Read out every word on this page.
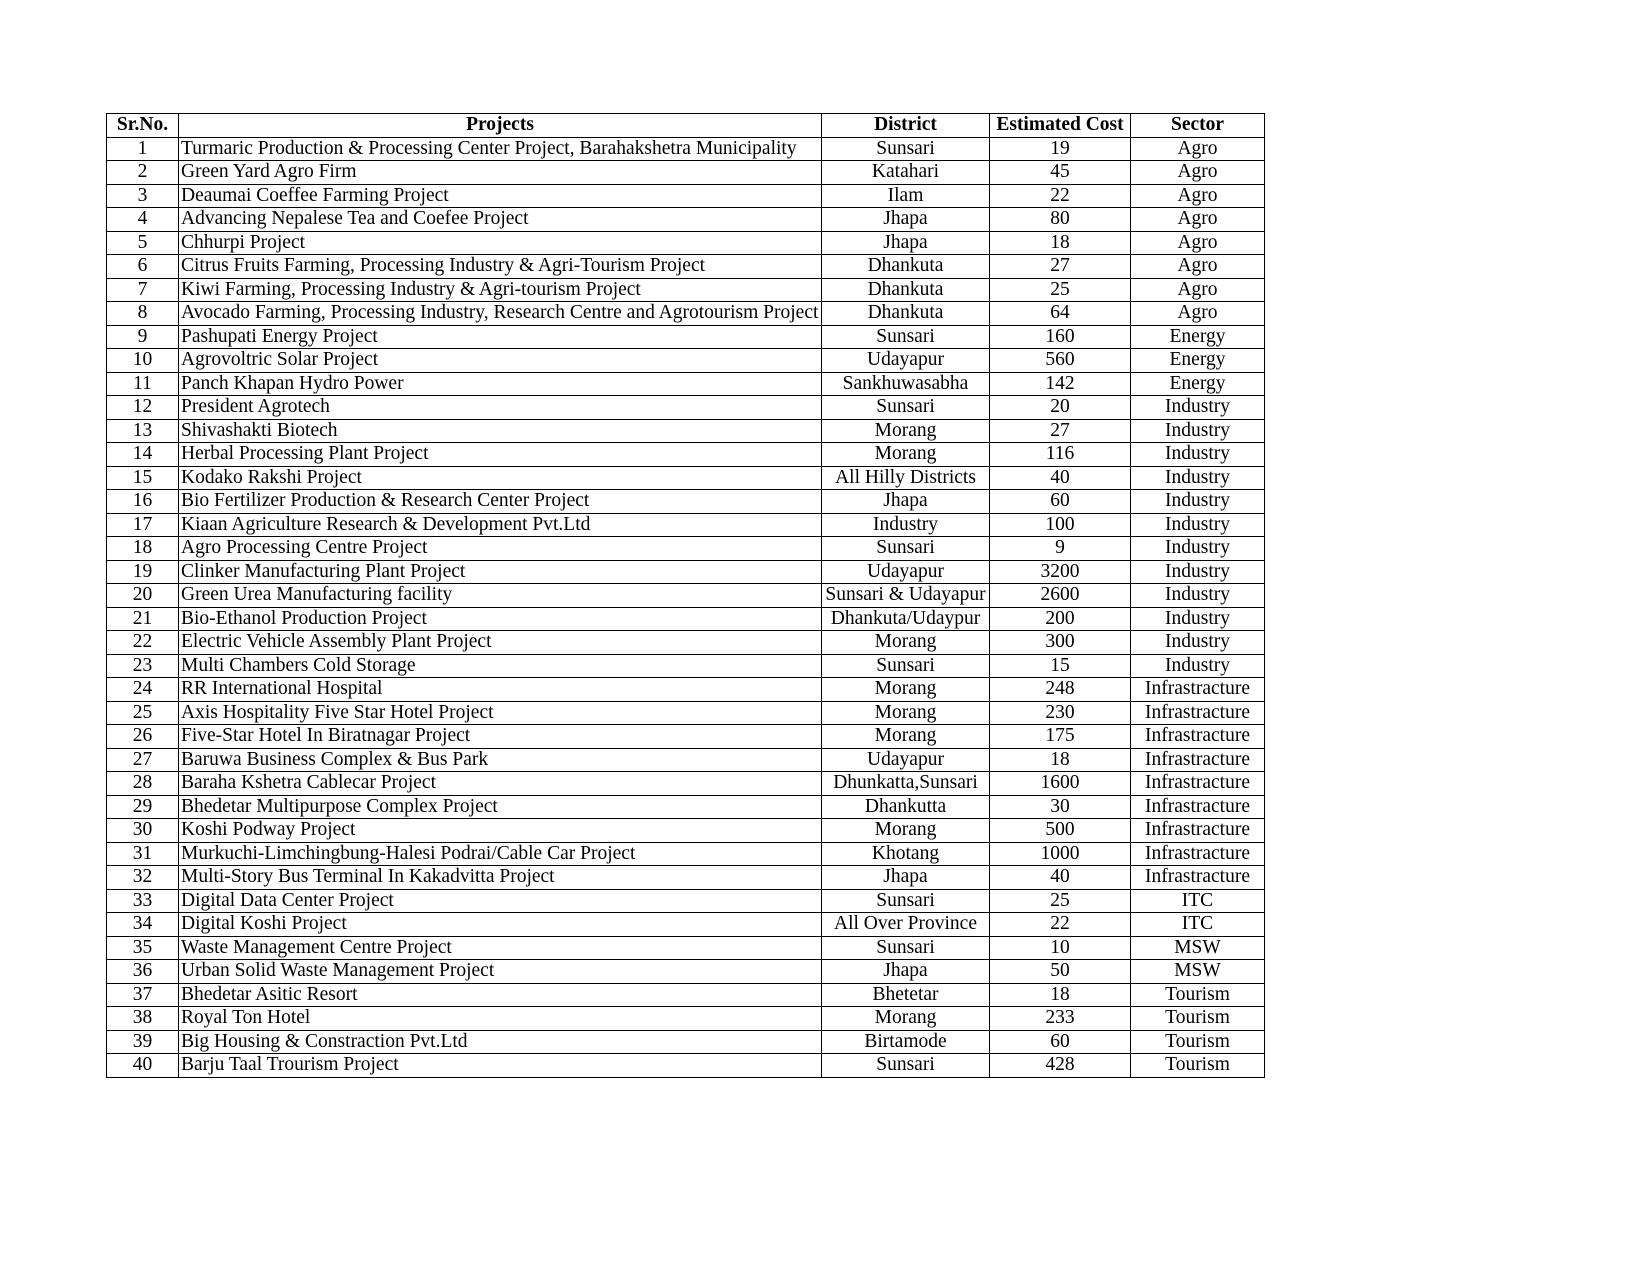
Sr.No.	Projects	District	Estimated Cost	Sector
1	Turmaric Production & Processing Center Project, Barahakshetra Municipality	Sunsari	19	Agro
2	Green Yard Agro Firm	Katahari	45	Agro
3	Deaumai Coeffee Farming Project	Ilam	22	Agro
4	Advancing Nepalese Tea and Coefee Project	Jhapa	80	Agro
5	Chhurpi Project	Jhapa	18	Agro
6	Citrus Fruits Farming, Processing Industry & Agri-Tourism Project	Dhankuta	27	Agro
7	Kiwi Farming, Processing Industry & Agri-tourism Project	Dhankuta	25	Agro
8	Avocado Farming, Processing Industry, Research Centre and Agrotourism Project	Dhankuta	64	Agro
9	Pashupati Energy Project	Sunsari	160	Energy
10	Agrovoltric Solar Project	Udayapur	560	Energy
11	Panch Khapan Hydro Power	Sankhuwasabha	142	Energy
12	President Agrotech	Sunsari	20	Industry
13	Shivashakti Biotech	Morang	27	Industry
14	Herbal Processing Plant Project	Morang	116	Industry
15	Kodako Rakshi Project	All Hilly Districts	40	Industry
16	Bio Fertilizer Production & Research Center Project	Jhapa	60	Industry
17	Kiaan Agriculture Research & Development Pvt.Ltd	Industry	100	Industry
18	Agro Processing Centre Project	Sunsari	9	Industry
19	Clinker Manufacturing Plant Project	Udayapur	3200	Industry
20	Green Urea Manufacturing facility	Sunsari & Udayapur	2600	Industry
21	Bio-Ethanol Production Project	Dhankuta/Udaypur	200	Industry
22	Electric Vehicle Assembly Plant Project	Morang	300	Industry
23	Multi Chambers Cold Storage	Sunsari	15	Industry
24	RR International Hospital	Morang	248	Infrastracture
25	Axis Hospitality Five Star Hotel Project	Morang	230	Infrastracture
26	Five-Star Hotel In Biratnagar Project	Morang	175	Infrastracture
27	Baruwa Business Complex & Bus Park	Udayapur	18	Infrastracture
28	Baraha Kshetra Cablecar Project	Dhunkatta,Sunsari	1600	Infrastracture
29	Bhedetar Multipurpose Complex Project	Dhankutta	30	Infrastracture
30	Koshi Podway Project	Morang	500	Infrastracture
31	Murkuchi-Limchingbung-Halesi Podrai/Cable Car Project	Khotang	1000	Infrastracture
32	Multi-Story Bus Terminal In Kakadvitta Project	Jhapa	40	Infrastracture
33	Digital Data Center Project	Sunsari	25	ITC
34	Digital Koshi Project	All Over Province	22	ITC
35	Waste Management Centre Project	Sunsari	10	MSW
36	Urban Solid Waste Management Project	Jhapa	50	MSW
37	Bhedetar Asitic Resort	Bhetetar	18	Tourism
38	Royal Ton Hotel	Morang	233	Tourism
39	Big Housing & Constraction Pvt.Ltd	Birtamode	60	Tourism
40	Barju Taal Trourism Project	Sunsari	428	Tourism
